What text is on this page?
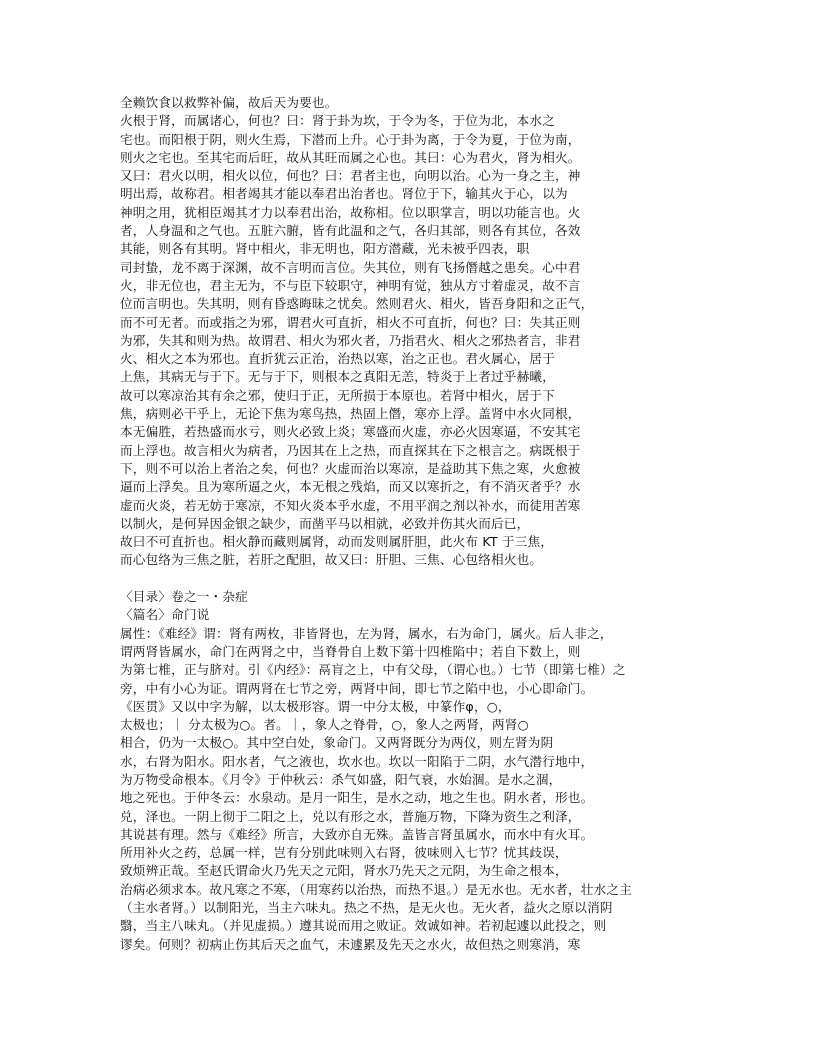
全赖饮食以救弊补偏，故后天为要也。
火根于肾，而属诸心，何也？曰：肾于卦为坎，于令为冬，于位为北，本水之
宅也。而阳根于阴，则火生焉，下潜而上升。心于卦为离，于令为夏，于位为南，
则火之宅也。至其宅而后旺，故从其旺而属之心也。其曰：心为君火，肾为相火。
又曰：君火以明，相火以位，何也？曰：君者主也，向明以治。心为一身之主，神
明出焉，故称君。相者竭其才能以奉君出治者也。肾位于下，输其火于心，以为
神明之用，犹相臣竭其才力以奉君出治，故称相。位以职掌言，明以功能言也。火
者，人身温和之气也。五脏六腑，皆有此温和之气，各归其部，则各有其位，各效
其能，则各有其明。肾中相火，非无明也，阳方潜藏，光未被乎四表，职
司封蛰，龙不离于深渊，故不言明而言位。失其位，则有飞扬僭越之患矣。心中君
火，非无位也，君主无为，不与臣下较职守，神明有觉，独从方寸着虚灵，故不言
位而言明也。失其明，则有昏惑晦昧之忧矣。然则君火、相火，皆吾身阳和之正气，
而不可无者。而或指之为邪，谓君火可直折，相火不可直折，何也？曰：失其正则
为邪，失其和则为热。故谓君、相火为邪火者，乃指君火、相火之邪热者言，非君
火、相火之本为邪也。直折犹云正治，治热以寒，治之正也。君火属心，居于
上焦，其病无与于下。无与于下，则根本之真阳无恙，特炎于上者过乎赫曦，
故可以寒凉治其有余之邪，使归于正，无所损于本原也。若肾中相火，居于下
焦，病则必干乎上，无论下焦为寒鸟热，热固上僭，寒亦上浮。盖肾中水火同根，
本无偏胜，若热盛而水亏，则火必致上炎；寒盛而火虚，亦必火因寒逼，不安其宅
而上浮也。故言相火为病者，乃因其在上之热，而直探其在下之根言之。病既根于
下，则不可以治上者治之矣，何也？火虚而治以寒凉，是益助其下焦之寒，火愈被
逼而上浮矣。且为寒所逼之火，本无根之残焰，而又以寒折之，有不消灭者乎？水
虚而火炎，若无妨于寒凉，不知火炎本乎水虚，不用平润之剂以补水，而徒用苦寒
以制火，是何异因金银之缺少，而凿平马以相就，必致并伤其火而后已，
故曰不可直折也。相火静而藏则属肾，动而发则属肝胆，此火布 KT 于三焦，
而心包络为三焦之脏，若肝之配胆，故又曰：肝胆、三焦、心包络相火也。
〈目录〉卷之一・杂症
〈篇名〉命门说
属性：《难经》谓：肾有两枚，非皆肾也，左为肾，属水，右为命门，属火。后人非之，
谓两肾皆属水，命门在两肾之中，当脊骨自上数下第十四椎陷中；若自下数上，则
为第七椎，正与脐对。引《内经》：鬲肓之上，中有父母，（谓心也。）七节（即第七椎）之
旁，中有小心为证。谓两肾在七节之旁，两肾中间，即七节之陷中也，小心即命门。
《医贯》又以中字为解，以太极形容。谓一中分太极，中篆作φ，○，
太极也；｜ 分太极为○。者。｜，象人之脊骨，○，象人之两肾，两肾○
相合，仍为一太极○。其中空白处，象命门。又两肾既分为两仪，则左肾为阴
水，右肾为阳水。阳水者，气之液也，坎水也。坎以一阳陷于二阴，水气潜行地中，
为万物受命根本。《月令》于仲秋云：杀气如盛，阳气衰，水始涸。是水之涸，
地之死也。于仲冬云：水泉动。是月一阳生，是水之动，地之生也。阴水者，形也。
兑，泽也。一阴上彻于二阳之上，兑以有形之水，普施万物，下降为资生之利泽，
其说甚有理。然与《难经》所言，大致亦自无殊。盖皆言肾虽属水，而水中有火耳。
所用补火之药，总属一样，岂有分别此味则入右肾，彼味则入七节？忧其歧误，
致烦辨正哉。至赵氏谓命火乃先天之元阳，肾水乃先天之元阴，为生命之根本，
治病必须求本。故凡寒之不寒，（用寒药以治热，而热不退。）是无水也。无水者，壮水之主
（主水者肾。）以制阳光，当主六味丸。热之不热，是无火也。无火者，益火之原以消阴
翳，当主八味丸。（并见虚损。）遵其说而用之败证。效诚如神。若初起遽以此投之，则
谬矣。何则？初病止伤其后天之血气，未遽累及先天之水火，故但热之则寒消，寒
